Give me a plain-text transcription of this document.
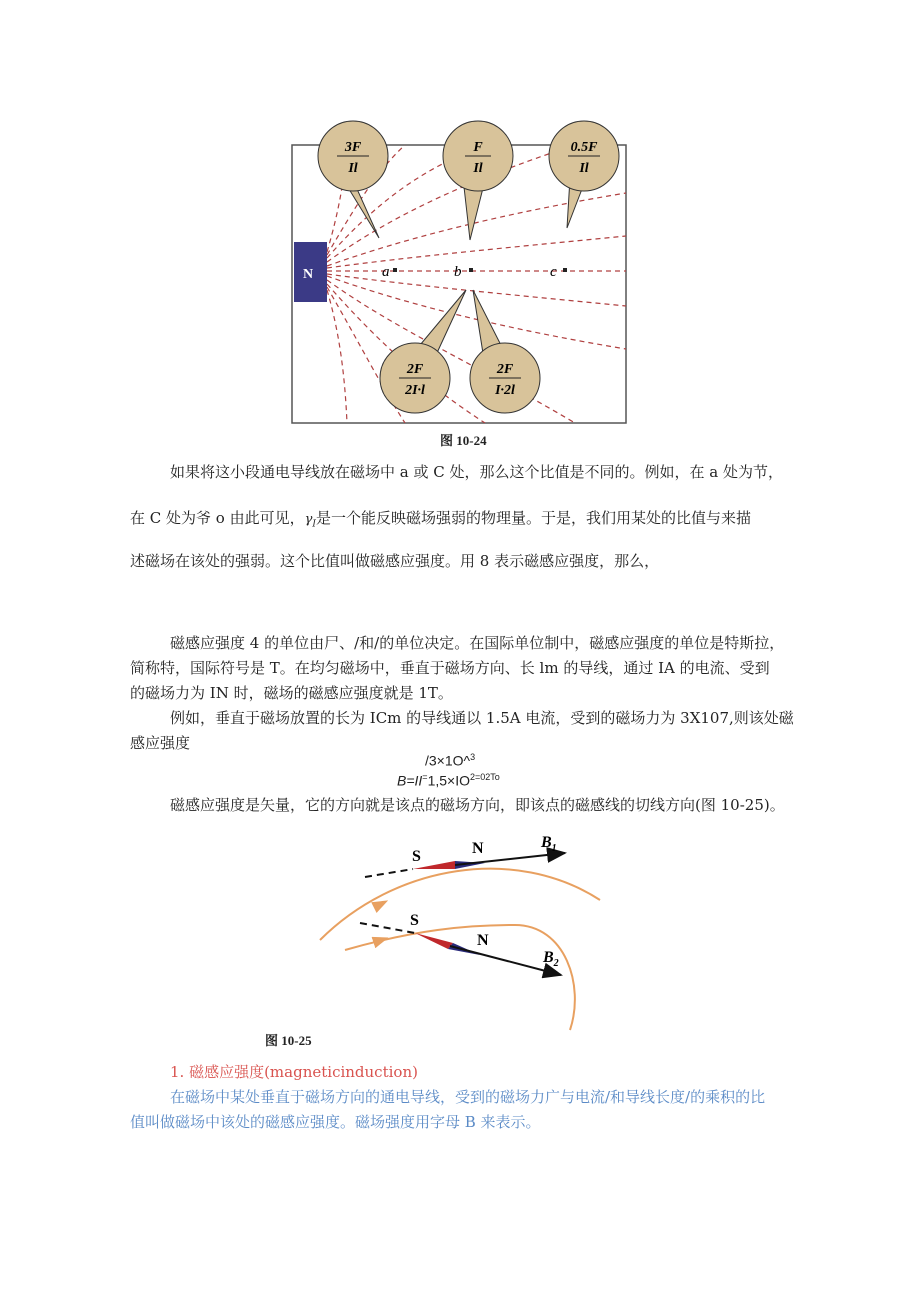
N	a	b	c
3F
Il
F
Il
0.5F
Il
2F
2I·l
2F
I·2l
图 10-24
如果将这小段通电导线放在磁场中 a 或 C 处，那么这个比值是不同的。例如，在 a 处为节，
在 C 处为爷 o 由此可见，$\gamma_I$是一个能反映磁场强弱的物理量。于是，我们用某处的比值与来描
述磁场在该处的强弱。这个比值叫做磁感应强度。用 8 表示磁感应强度，那么，
磁感应强度 4 的单位由尸、/和/的单位决定。在国际单位制中，磁感应强度的单位是特斯拉，
简称特，国际符号是 T。在均匀磁场中，垂直于磁场方向、长 lm 的导线，通过 IA 的电流、受到
的磁场力为 IN 时，磁场的磁感应强度就是 1T。
例如，垂直于磁场放置的长为 ICm 的导线通以 1.5A 电流，受到的磁场力为 3X107,则该处磁
感应强度
/3×1O^$^3$
$B=II^=1,5\times IO^{2=02To}$
磁感应强度是矢量，它的方向就是该点的磁场方向，即该点的磁感线的切线方向(图 10-25)。
S	N	$B_1$
S
N
$B_2$
图 10-25
1. 磁感应强度(magneticinduction)
在磁场中某处垂直于磁场方向的通电导线，受到的磁场力广与电流/和导线长度/的乘积的比
值叫做磁场中该处的磁感应强度。磁场强度用字母 B 来表示。
